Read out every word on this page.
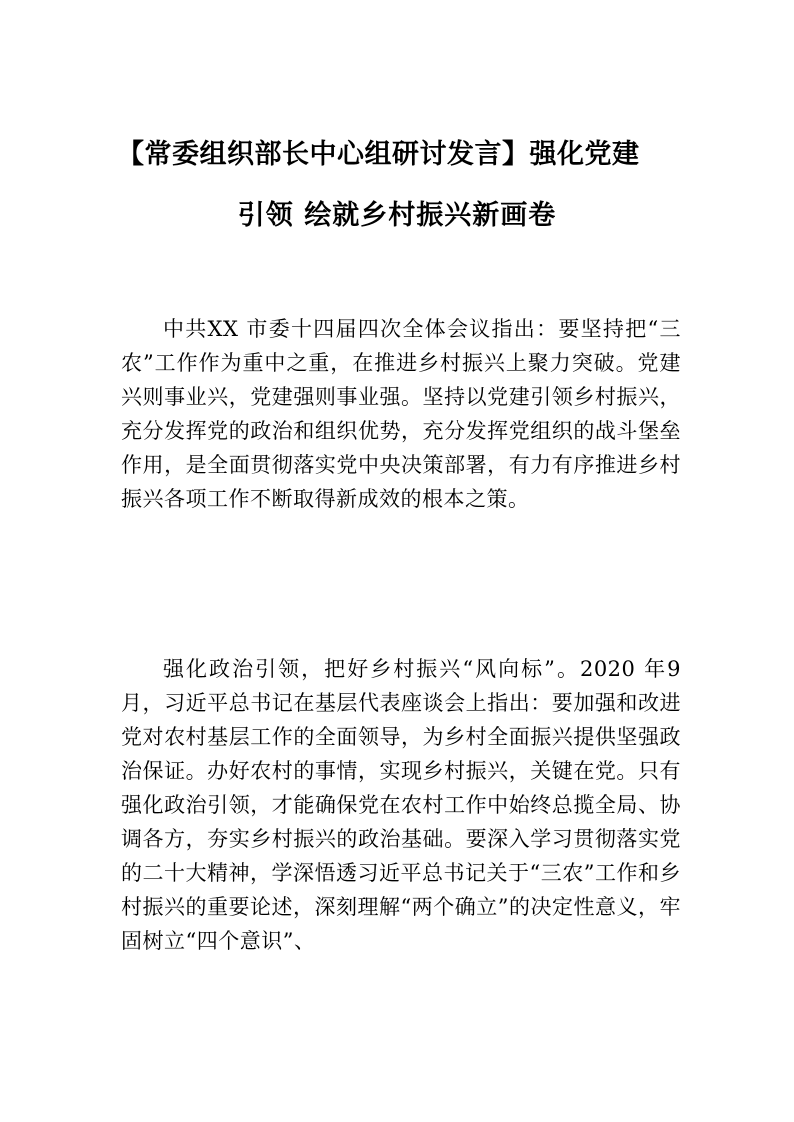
【常委组织部长中心组研讨发言】强化党建
引领 绘就乡村振兴新画卷
中共XX 市委十四届四次全体会议指出：要坚持把“三农”工作作为重中之重，在推进乡村振兴上聚力突破。党建兴则事业兴，党建强则事业强。坚持以党建引领乡村振兴，充分发挥党的政治和组织优势，充分发挥党组织的战斗堡垒作用，是全面贯彻落实党中央决策部署，有力有序推进乡村振兴各项工作不断取得新成效的根本之策。
强化政治引领，把好乡村振兴“风向标”。2020 年9月，习近平总书记在基层代表座谈会上指出：要加强和改进党对农村基层工作的全面领导，为乡村全面振兴提供坚强政治保证。办好农村的事情，实现乡村振兴，关键在党。只有强化政治引领，才能确保党在农村工作中始终总揽全局、协调各方，夯实乡村振兴的政治基础。要深入学习贯彻落实党的二十大精神，学深悟透习近平总书记关于“三农”工作和乡村振兴的重要论述，深刻理解“两个确立”的决定性意义，牢固树立“四个意识”、
